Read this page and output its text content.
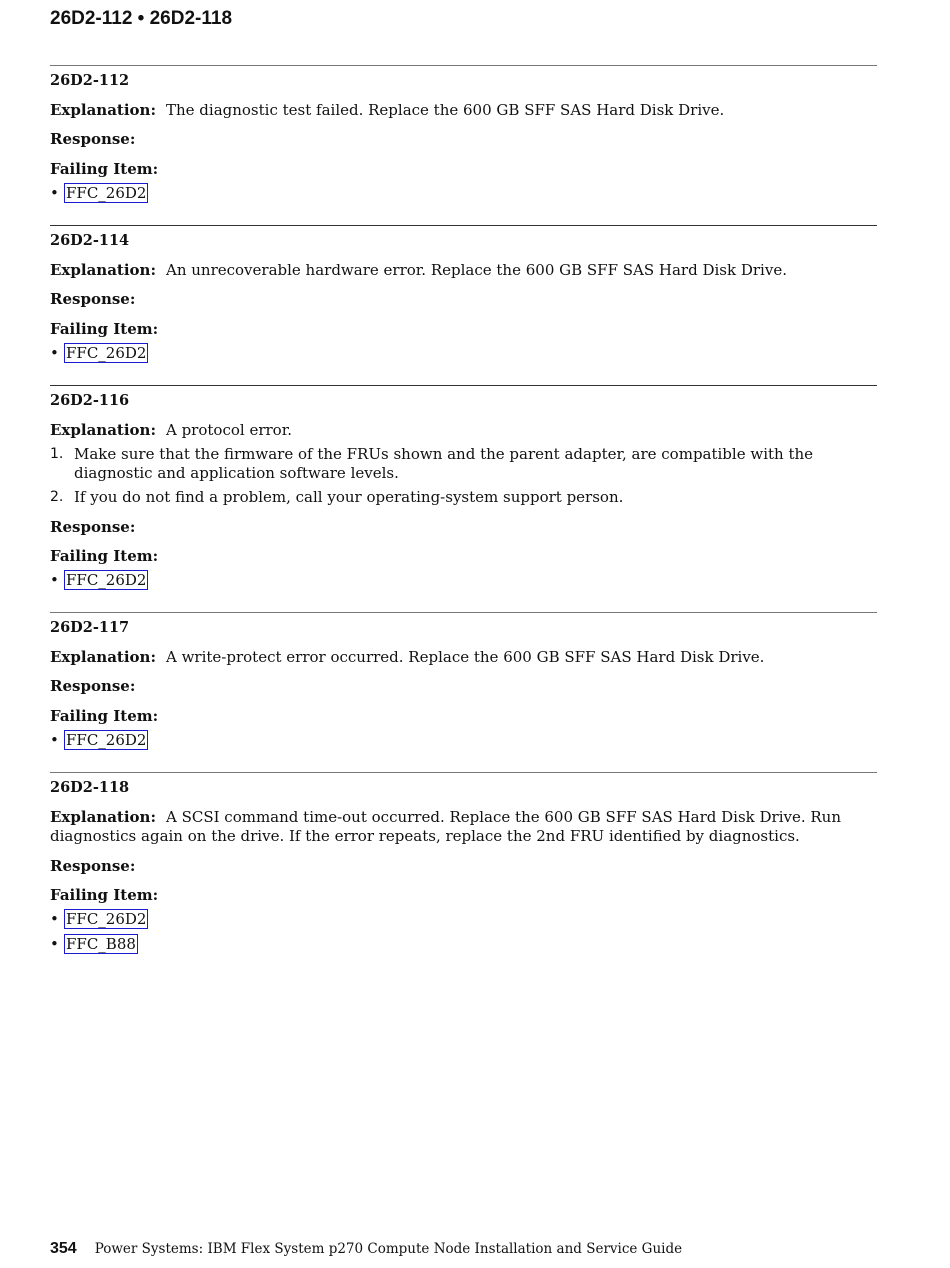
26D2-112 • 26D2-118
26D2-112
Explanation: The diagnostic test failed. Replace the 600 GB SFF SAS Hard Disk Drive.
Response:
Failing Item:
• FFC_26D2
26D2-114
Explanation: An unrecoverable hardware error. Replace the 600 GB SFF SAS Hard Disk Drive.
Response:
Failing Item:
• FFC_26D2
26D2-116
Explanation: A protocol error.
1. Make sure that the firmware of the FRUs shown and the parent adapter, are compatible with the diagnostic and application software levels.
2. If you do not find a problem, call your operating-system support person.
Response:
Failing Item:
• FFC_26D2
26D2-117
Explanation: A write-protect error occurred. Replace the 600 GB SFF SAS Hard Disk Drive.
Response:
Failing Item:
• FFC_26D2
26D2-118
Explanation: A SCSI command time-out occurred. Replace the 600 GB SFF SAS Hard Disk Drive. Run diagnostics again on the drive. If the error repeats, replace the 2nd FRU identified by diagnostics.
Response:
Failing Item:
• FFC_26D2
• FFC_B88
354 Power Systems: IBM Flex System p270 Compute Node Installation and Service Guide
